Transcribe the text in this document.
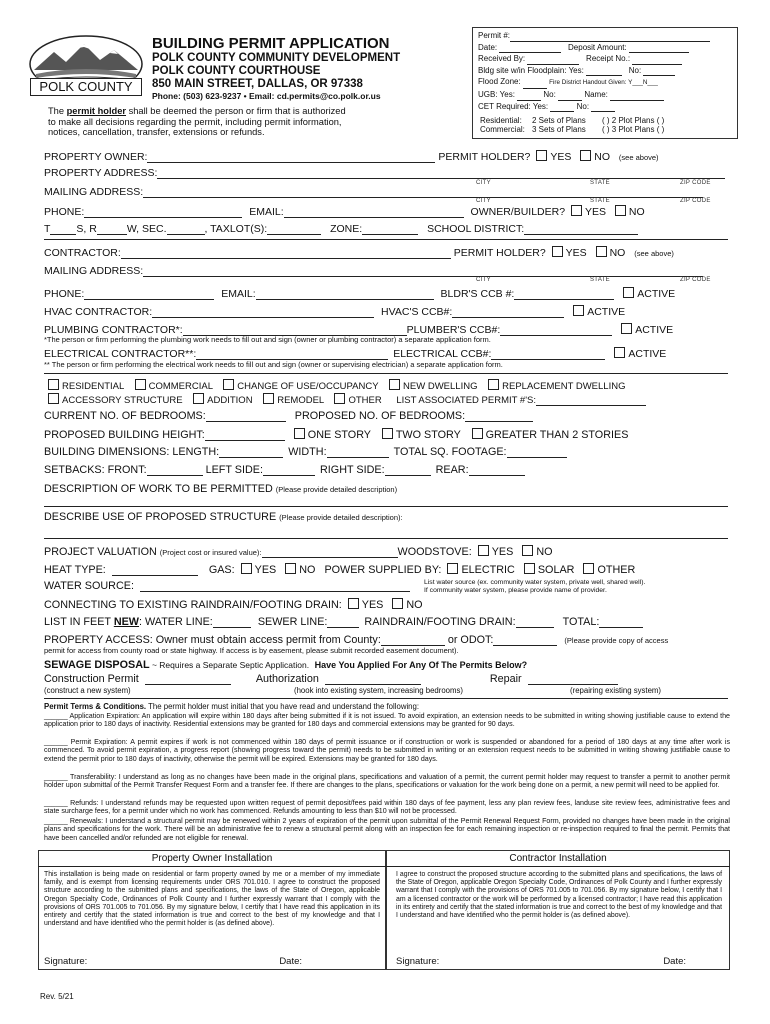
POLK COUNTY
BUILDING PERMIT APPLICATION
POLK COUNTY COMMUNITY DEVELOPMENT
POLK COUNTY COURTHOUSE
850 MAIN STREET, DALLAS, OR 97338
Phone: (503) 623-9237 • Email: cd.permits@co.polk.or.us
The permit holder shall be deemed the person or firm that is authorized
to make all decisions regarding the permit, including permit information,
notices, cancellation, transfer, extensions or refunds.
Permit #:
Date:	Deposit Amount:
Received By:	Receipt No.:
Bldg site w/in Floodplain: Yes:	No:
Flood Zone:	Fire District Handout Given: Y___N___
UGB: Yes:	No:	Name:
CET Required: Yes:	No:
Residential: 2 Sets of Plans ( ) 2 Plot Plans ( )
Commercial: 3 Sets of Plans ( ) 3 Plot Plans ( )
PROPERTY OWNER:	PERMIT HOLDER? YES NO (see above)
PROPERTY ADDRESS:
CITY	STATE	ZIP CODE
MAILING ADDRESS:
CITY	STATE	ZIP CODE
PHONE:	EMAIL:	OWNER/BUILDER? YES NO
T S, R	W, SEC.	, TAXLOT(S):	ZONE:	SCHOOL DISTRICT:
CONTRACTOR:	PERMIT HOLDER? YES NO (see above)
MAILING ADDRESS:
CITY	STATE	ZIP CODE
PHONE:	EMAIL:	BLDR'S CCB #:	ACTIVE
HVAC CONTRACTOR:	HVAC'S CCB#:	ACTIVE
PLUMBING CONTRACTOR*:	PLUMBER'S CCB#:	ACTIVE
*The person or firm performing the plumbing work needs to fill out and sign (owner or plumbing contractor) a separate application form.
ELECTRICAL CONTRACTOR**:	ELECTRICAL CCB#:	ACTIVE
** The person or firm performing the electrical work needs to fill out and sign (owner or supervising electrician) a separate application form.
RESIDENTIAL	COMMERCIAL	CHANGE OF USE/OCCUPANCY	NEW DWELLING	REPLACEMENT DWELLING
ACCESSORY STRUCTURE	ADDITION	REMODEL	OTHER LIST ASSOCIATED PERMIT #'S:
CURRENT NO. OF BEDROOMS:	PROPOSED NO. OF BEDROOMS:
PROPOSED BUILDING HEIGHT:	ONE STORY TWO STORY GREATER THAN 2 STORIES
BUILDING DIMENSIONS: LENGTH:	WIDTH:	TOTAL SQ. FOOTAGE:
SETBACKS: FRONT:	LEFT SIDE:	RIGHT SIDE:	REAR:
DESCRIPTION OF WORK TO BE PERMITTED (Please provide detailed description)
DESCRIBE USE OF PROPOSED STRUCTURE (Please provide detailed description):
PROJECT VALUATION (Project cost or insured value):	WOODSTOVE: YES NO
HEAT TYPE:	GAS: YES NO POWER SUPPLIED BY: ELECTRIC SOLAR OTHER
WATER SOURCE:	List water source (ex. community water system, private well, shared well).
If community water system, please provide name of provider.
CONNECTING TO EXISTING RAINDRAIN/FOOTING DRAIN: YES NO
LIST IN FEET NEW: WATER LINE:	SEWER LINE:	RAINDRAIN/FOOTING DRAIN:	TOTAL:
PROPERTY ACCESS: Owner must obtain access permit from County:	or ODOT:	(Please provide copy of access
permit for access from county road or state highway. If access is by easement, please submit recorded easement document).
SEWAGE DISPOSAL ~ Requires a Separate Septic Application. Have You Applied For Any Of The Permits Below?
Construction Permit	Authorization	Repair
(construct a new system)	(hook into existing system, increasing bedrooms)	(repairing existing system)
Permit Terms & Conditions. The permit holder must initial that you have read and understand the following:
______ Application Expiration: An application will expire within 180 days after being submitted if it is not issued. To avoid expiration, an extension needs to be submitted in writing showing justifiable cause to extend the application prior to 180 days of inactivity. Residential extensions may be granted for 180 days and commercial extensions may be granted for 90 days.
______ Permit Expiration: A permit expires if work is not commenced within 180 days of permit issuance or if construction or work is suspended or abandoned for a period of 180 days at any time after work is commenced. To avoid permit expiration, a progress report (showing progress toward the permit) needs to be submitted in writing or an extension request needs to be submitted in writing showing justifiable cause to extend the permit prior to 180 days of inactivity, otherwise the permit will be expired. Extensions may be granted for 180 days.
______ Transferability: I understand as long as no changes have been made in the original plans, specifications and valuation of a permit, the current permit holder may request to transfer a permit to another permit holder upon submittal of the Permit Transfer Request Form and a transfer fee. If there are changes to the plans, specifications or valuation for the work being done on a permit, a new permit will need to be applied for.
______ Refunds: I understand refunds may be requested upon written request of permit deposit/fees paid within 180 days of fee payment, less any plan review fees, landuse site review fees, administrative fees and state surcharge fees, for a permit under which no work has commenced. Refunds amounting to less than $10 will not be processed.
______ Renewals: I understand a structural permit may be renewed within 2 years of expiration of the permit upon submittal of the Permit Renewal Request Form, provided no changes have been made in the original plans and specifications for the work. There will be an administrative fee to renew a structural permit along with an inspection fee for each remaining inspection or re-inspection required to final the permit. Permits that have been cancelled and/or refunded are not eligible for renewal.
Property Owner Installation	Contractor Installation
This installation is being made on residential or farm property owned by me or a member of my immediate family, and is exempt from licensing requirements under ORS 701.010. I agree to construct the proposed structure according to the submitted plans and specifications, the laws of the State of Oregon, applicable Oregon Specialty Code, Ordinances of Polk County and I further expressly warrant that I comply with the provisions of ORS 701.005 to 701.056. By my signature below, I certify that I have read this application in its entirety and certify that the stated information is true and correct to the best of my knowledge and that I understand and have identified who the permit holder is (as defined above).
I agree to construct the proposed structure according to the submitted plans and specifications, the laws of the State of Oregon, applicable Oregon Specialty Code, Ordinances of Polk County and I further expressly warrant that I comply with the provisions of ORS 701.005 to 701.056. By my signature below, I certify that I am a licensed contractor or the work will be performed by a licensed contractor; I have read this application in its entirety and certify that the stated information is true and correct to the best of my knowledge and that I understand and have identified who the permit holder is (as defined above).
Signature:	Date:	Signature:	Date:
Rev. 5/21
